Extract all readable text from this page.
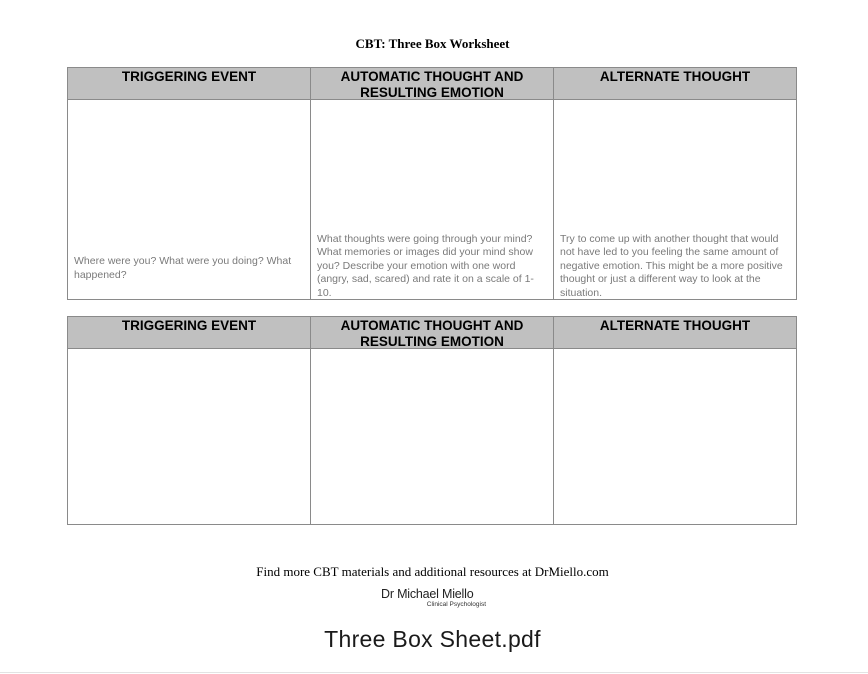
CBT: Three Box Worksheet
TRIGGERING EVENT	AUTOMATIC THOUGHT AND RESULTING EMOTION
ALTERNATE THOUGHT
Where were you? What were you doing? What happened?
What thoughts were going through your mind? What memories or images did your mind show you? Describe your emotion with one word (angry, sad, scared) and rate it on a scale of 1-10.
Try to come up with another thought that would not have led to you feeling the same amount of negative emotion. This might be a more positive thought or just a different way to look at the situation.
TRIGGERING EVENT	AUTOMATIC THOUGHT AND RESULTING EMOTION
ALTERNATE THOUGHT
Find more CBT materials and additional resources at DrMiello.com
Dr Michael Miello
Clinical Psychologist
Three Box Sheet.pdf
